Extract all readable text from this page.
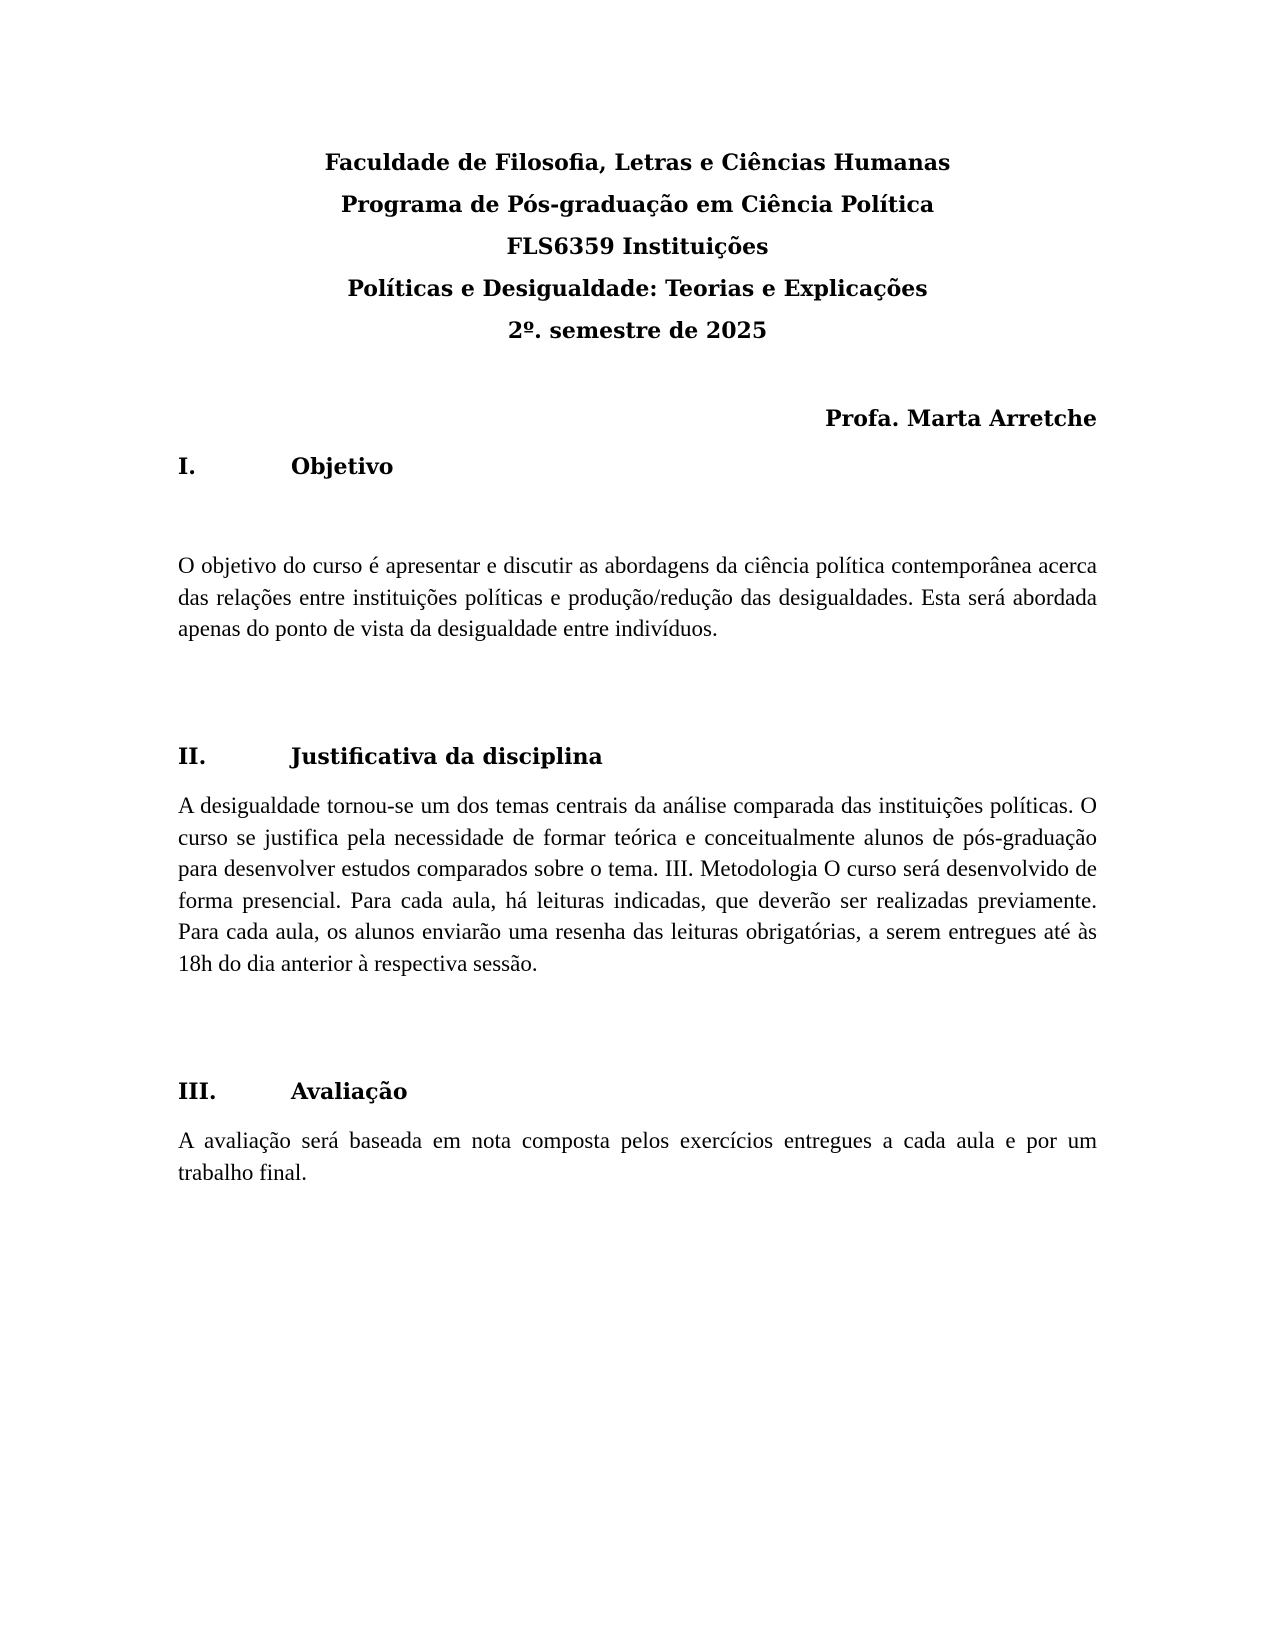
Faculdade de Filosofia, Letras e Ciências Humanas
Programa de Pós-graduação em Ciência Política
FLS6359 Instituições
Políticas e Desigualdade: Teorias e Explicações
2º. semestre de 2025
Profa. Marta Arretche
I.	Objetivo
O objetivo do curso é apresentar e discutir as abordagens da ciência política contemporânea acerca das relações entre instituições políticas e produção/redução das desigualdades. Esta será abordada apenas do ponto de vista da desigualdade entre indivíduos.
II.	Justificativa da disciplina
A desigualdade tornou-se um dos temas centrais da análise comparada das instituições políticas. O curso se justifica pela necessidade de formar teórica e conceitualmente alunos de pós-graduação para desenvolver estudos comparados sobre o tema. III. Metodologia O curso será desenvolvido de forma presencial. Para cada aula, há leituras indicadas, que deverão ser realizadas previamente. Para cada aula, os alunos enviarão uma resenha das leituras obrigatórias, a serem entregues até às 18h do dia anterior à respectiva sessão.
III.	Avaliação
A avaliação será baseada em nota composta pelos exercícios entregues a cada aula e por um trabalho final.
